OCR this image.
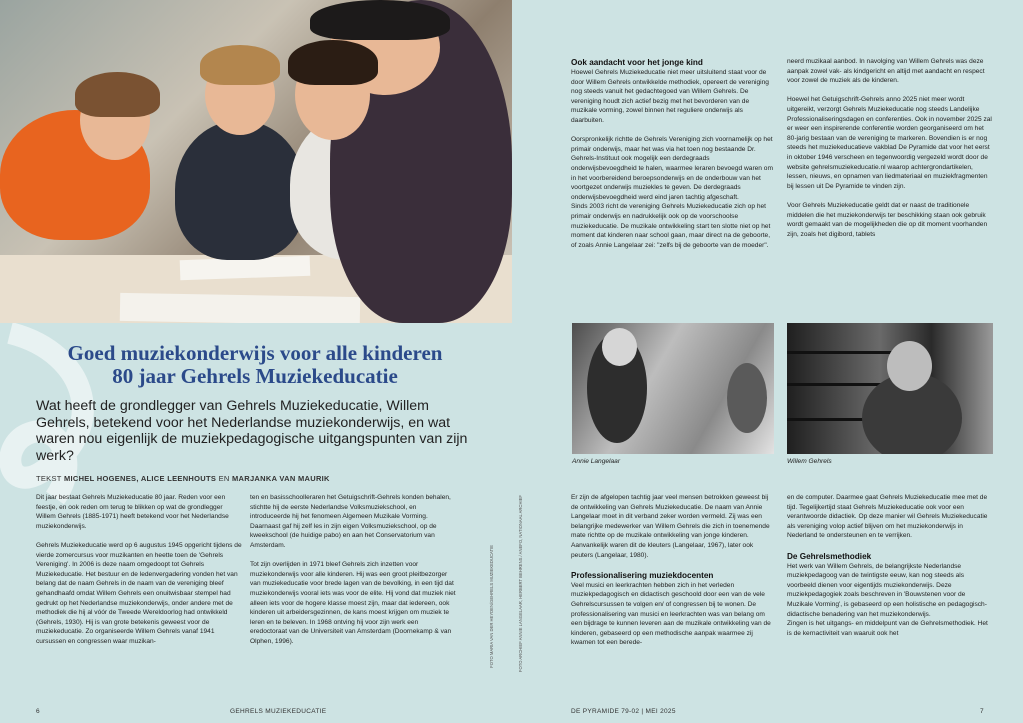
Goed muziekonderwijs voor alle kinderen
80 jaar Gehrels Muziekeducatie
Wat heeft de grondlegger van Gehrels Muziekeducatie, Willem Gehrels, betekend voor het Nederlandse muziekonderwijs, en wat waren nou eigenlijk de muziekpedagogische uitgangspunten van zijn werk?
TEKST MICHEL HOGENES, ALICE LEENHOUTS EN MARJANKA VAN MAURIK

Dit jaar bestaat Gehrels Muziekeducatie 80 jaar. Reden voor een feestje, en ook reden om terug te blikken op wat de grondlegger Willem Gehrels (1885-1971) heeft betekend voor het Nederlandse muziekonderwijs.

Gehrels Muziekeducatie werd op 6 augustus 1945 opgericht tijdens de vierde zomercursus voor muzikanten en heette toen de 'Gehrels Vereniging'. In 2006 is deze naam omgedoopt tot Gehrels Muziekeducatie. Het bestuur en de ledenvergadering vonden het van belang dat de naam Gehrels in de naam van de vereniging bleef gehandhaafd omdat Willem Gehrels een onuitwisbaar stempel had gedrukt op het Nederlandse muziekonderwijs, onder andere met de methodiek die hij al vóór de Tweede Wereldoorlog had ontwikkeld (Gehrels, 1930). Hij is van grote betekenis geweest voor de muziekeducatie. Zo organiseerde Willem Gehrels vanaf 1941 cursussen en congressen waar muzikan-

ten en basisschoolleraren het Getuigschrift-Gehrels konden behalen, stichtte hij de eerste Nederlandse Volksmuziekschool, en introduceerde hij het fenomeen Algemeen Muzikale Vorming. Daarnaast gaf hij zelf les in zijn eigen Volksmuziekschool, op de kweekschool (de huidige pabo) en aan het Conservatorium van Amsterdam.

Tot zijn overlijden in 1971 bleef Gehrels zich inzetten voor muziekonderwijs voor alle kinderen. Hij was een groot pleitbezorger van muziekeducatie voor brede lagen van de bevolking, in een tijd dat muziekonderwijs vooral iets was voor de elite. Hij vond dat muziek niet alleen iets voor de hogere klasse moest zijn, maar dat iedereen, ook kinderen uit arbeidersgezinnen, de kans moest krijgen om muziek te leren en te beleven. In 1968 ontving hij voor zijn werk een eredoctoraat van de Universiteit van Amsterdam (Doornekamp & van Olphen, 1996).	FOTO MARIA VAN DER HEYDEN/GEHRELS MUZIEKEDUCATIE	FOTO ARCHIEF ANNIE LANGELAAR, HERBERT BEHRENS / ANEFO, NATIONAAL ARCHIEF
6	GEHRELS MUZIEKEDUCATIE
Ook aandacht voor het jonge kind

Hoewel Gehrels Muziekeducatie niet meer uitsluitend staat voor de door Willem Gehrels ontwikkelde methodiek, opereert de vereniging nog steeds vanuit het gedachtegoed van Willem Gehrels. De vereniging houdt zich actief bezig met het bevorderen van de muzikale vorming, zowel binnen het reguliere onderwijs als daarbuiten.

Oorspronkelijk richtte de Gehrels Vereniging zich voornamelijk op het primair onderwijs, maar het was via het toen nog bestaande Dr. Gehrels-Instituut ook mogelijk een derdegraads onderwijsbevoegdheid te halen, waarmee leraren bevoegd waren om in het voorbereidend beroepsonderwijs en de onderbouw van het voortgezet onderwijs muziekles te geven. De derdegraads onderwijsbevoegdheid werd eind jaren tachtig afgeschaft.

Sinds 2003 richt de vereniging Gehrels Muziekeducatie zich op het primair onderwijs en nadrukkelijk ook op de voorschoolse muziekeducatie. De muzikale ontwikkeling start ten slotte niet op het moment dat kinderen naar school gaan, maar direct na de geboorte, of zoals Annie Langelaar zei: "zelfs bij de geboorte van de moeder".

neerd muzikaal aanbod. In navolging van Willem Gehrels was deze aanpak zowel vak- als kindgericht en altijd met aandacht en respect voor zowel de muziek als de kinderen.

Hoewel het Getuigschrift-Gehrels anno 2025 niet meer wordt uitgereikt, verzorgt Gehrels Muziekeducatie nog steeds Landelijke Professionaliseringsdagen en conferenties. Ook in november 2025 zal er weer een inspirerende conferentie worden georganiseerd om het 80-jarig bestaan van de vereniging te markeren. Bovendien is er nog steeds het muziekeducatieve vakblad De Pyramide dat voor het eerst in oktober 1946 verscheen en tegenwoordig vergezeld wordt door de website gehrelsmuziekeducatie.nl waarop achtergrondartikelen, lessen, nieuws, en opnamen van liedmateriaal en muziekfragmenten bij lessen uit De Pyramide te vinden zijn.

Voor Gehrels Muziekeducatie geldt dat er naast de traditionele middelen die het muziekonderwijs ter beschikking staan ook gebruik wordt gemaakt van de mogelijkheden die op dit moment voorhanden zijn, zoals het digibord, tablets

Annie Langelaar	Willem Gehrels

Er zijn de afgelopen tachtig jaar veel mensen betrokken geweest bij de ontwikkeling van Gehrels Muziekeducatie. De naam van Annie Langelaar moet in dit verband zeker worden vermeld. Zij was een belangrijke medewerker van Willem Gehrels die zich in toenemende mate richtte op de muzikale ontwikkeling van jonge kinderen. Aanvankelijk waren dit de kleuters (Langelaar, 1967), later ook peuters (Langelaar, 1980).

Professionalisering muziekdocenten

Veel musici en leerkrachten hebben zich in het verleden muziekpedagogisch en didactisch geschoold door een van de vele Gehrelscursussen te volgen en/ of congressen bij te wonen. De professionalisering van musici en leerkrachten was van belang om een bijdrage te kunnen leveren aan de muzikale ontwikkeling van de kinderen, gebaseerd op een methodische aanpak waarmee zij kwamen tot een berede-

en de computer. Daarmee gaat Gehrels Muziekeducatie mee met de tijd. Tegelijkertijd staat Gehrels Muziekeducatie ook voor een verantwoorde didactiek. Op deze manier wil Gehrels Muziekeducatie als vereniging volop actief blijven om het muziekonderwijs in Nederland te ondersteunen en te verrijken.

De Gehrelsmethodiek

Het werk van Willem Gehrels, de belangrijkste Nederlandse muziekpedagoog van de twintigste eeuw, kan nog steeds als voorbeeld dienen voor eigentijds muziekonderwijs. Deze muziekpedagogiek zoals beschreven in 'Bouwstenen voor de Muzikale Vorming', is gebaseerd op een holistische en pedagogisch-didactische benadering van het muziekonderwijs.

Zingen is het uitgangs- en middelpunt van de Gehrelsmethodiek. Het is de kernactiviteit van waaruit ook het

DE PYRAMIDE 79-02 | MEI 2025	7
